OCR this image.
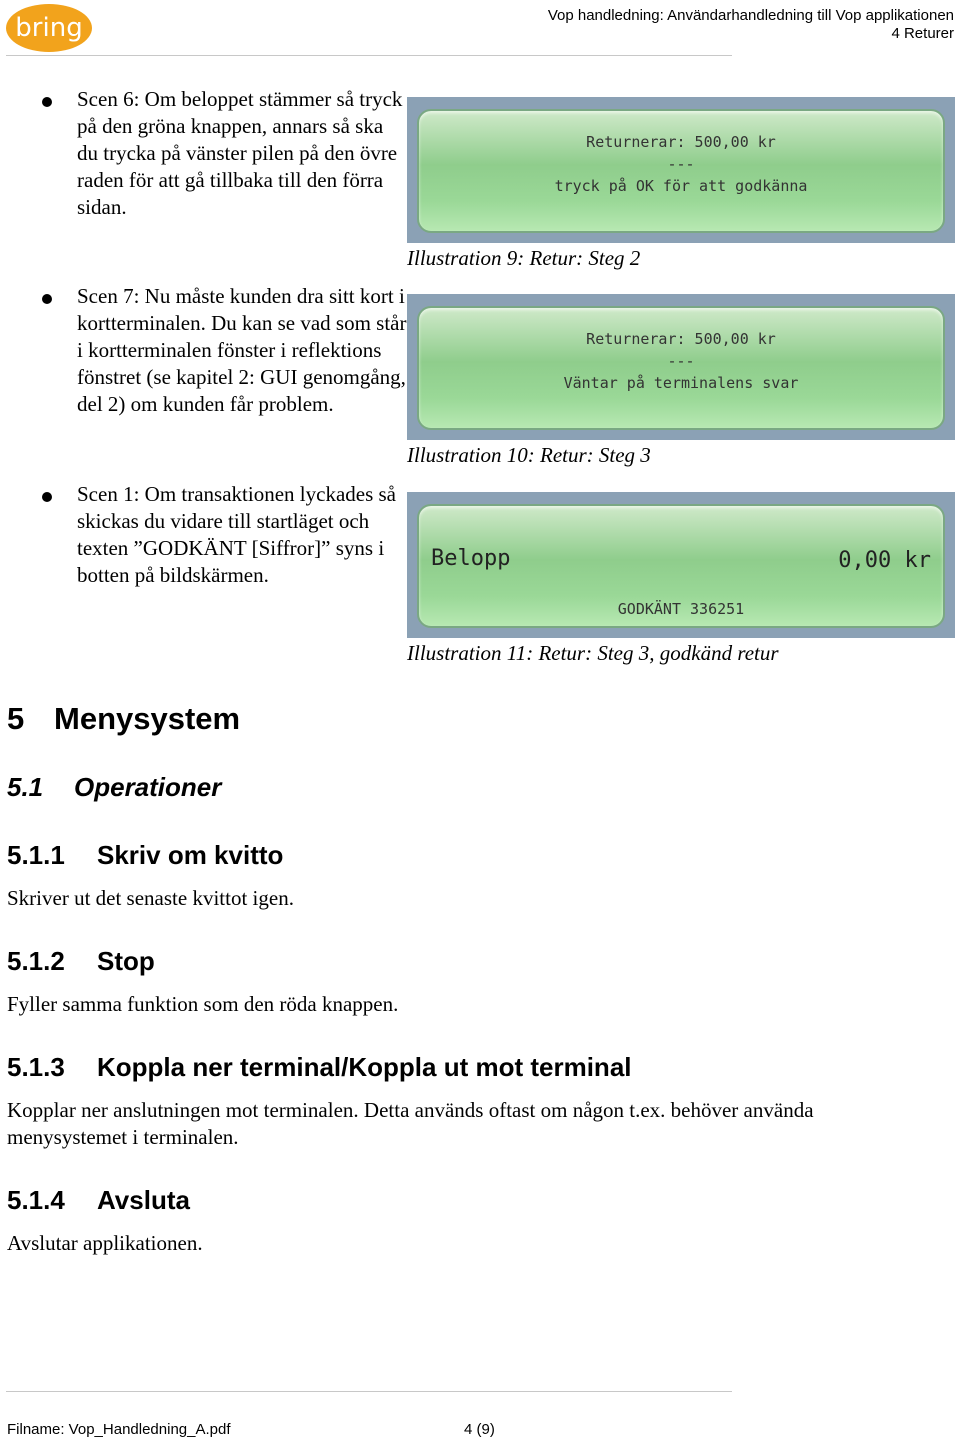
bring	Vop handledning: Användarhandledning till Vop applikationen
4 Returer
Scen 6: Om beloppet stämmer så tryck på den gröna knappen, annars så ska du trycka på vänster pilen på den övre raden för att gå tillbaka till den förra sidan.
Scen 7: Nu måste kunden dra sitt kort i kortterminalen. Du kan se vad som står i kortterminalen fönster i reflektions fönstret (se kapitel 2: GUI genomgång, del 2) om kunden får problem.
Scen 1: Om transaktionen lyckades så skickas du vidare till startläget och texten ”GODKÄNT [Siffror]” syns i botten på bildskärmen.
Returnerar: 500,00 kr
---
tryck på OK för att godkänna
Illustration 9: Retur: Steg 2
Returnerar: 500,00 kr
---
Väntar på terminalens svar
Illustration 10: Retur: Steg 3
Belopp	0,00 kr
GODKÄNT 336251
Illustration 11: Retur: Steg 3, godkänd retur
5 Menysystem
5.1 Operationer
5.1.1 Skriv om kvitto
Skriver ut det senaste kvittot igen.
5.1.2 Stop
Fyller samma funktion som den röda knappen.
5.1.3 Koppla ner terminal/Koppla ut mot terminal
Kopplar ner anslutningen mot terminalen. Detta används oftast om någon t.ex. behöver använda menysystemet i terminalen.
5.1.4 Avsluta
Avslutar applikationen.
Filname: Vop_Handledning_A.pdf	4 (9)
